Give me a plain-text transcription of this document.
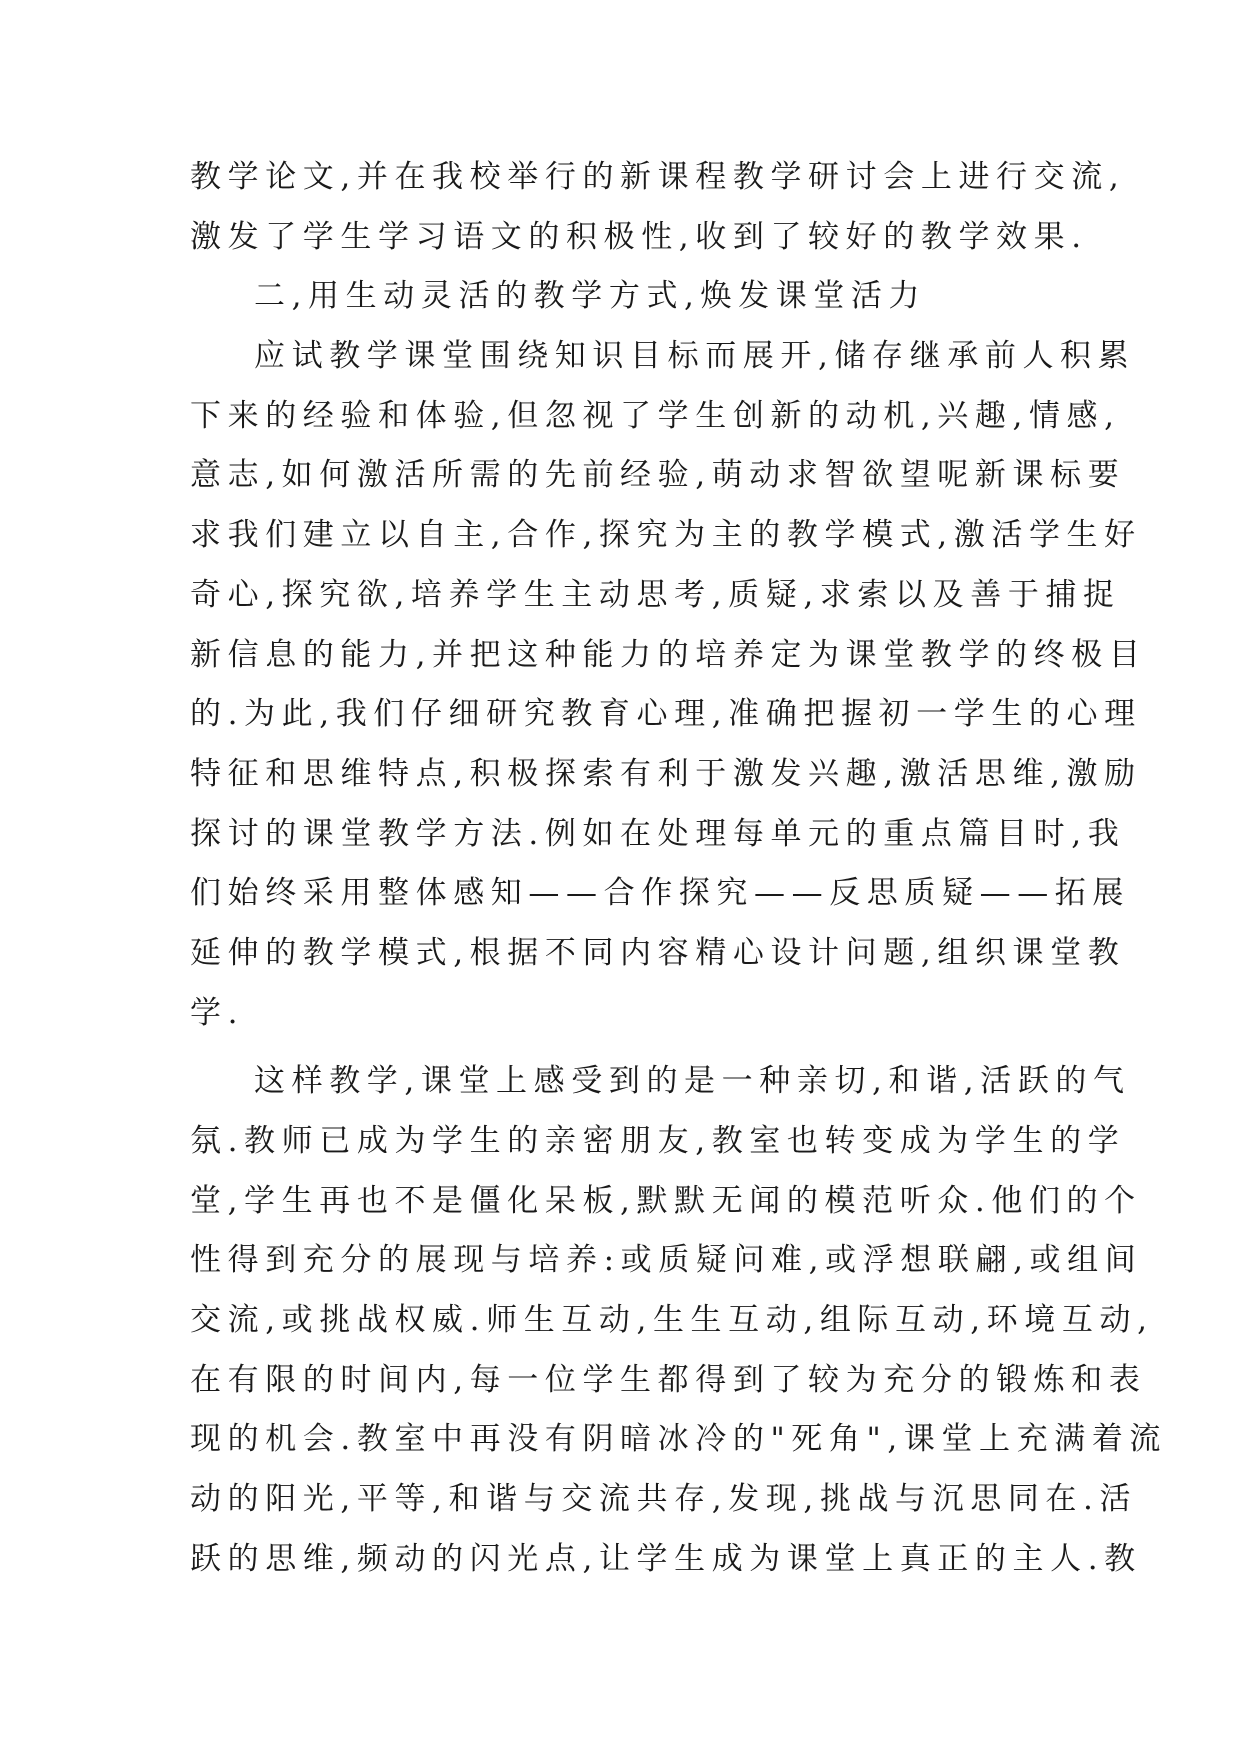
教学论文,并在我校举行的新课程教学研讨会上进行交流,
激发了学生学习语文的积极性,收到了较好的教学效果.
二,用生动灵活的教学方式,焕发课堂活力
应试教学课堂围绕知识目标而展开,储存继承前人积累
下来的经验和体验,但忽视了学生创新的动机,兴趣,情感,
意志,如何激活所需的先前经验,萌动求智欲望呢新课标要
求我们建立以自主,合作,探究为主的教学模式,激活学生好
奇心,探究欲,培养学生主动思考,质疑,求索以及善于捕捉
新信息的能力,并把这种能力的培养定为课堂教学的终极目
的.为此,我们仔细研究教育心理,准确把握初一学生的心理
特征和思维特点,积极探索有利于激发兴趣,激活思维,激励
探讨的课堂教学方法.例如在处理每单元的重点篇目时,我
们始终采用整体感知——合作探究——反思质疑——拓展
延伸的教学模式,根据不同内容精心设计问题,组织课堂教
学.
这样教学,课堂上感受到的是一种亲切,和谐,活跃的气
氛.教师已成为学生的亲密朋友,教室也转变成为学生的学
堂,学生再也不是僵化呆板,默默无闻的模范听众.他们的个
性得到充分的展现与培养:或质疑问难,或浮想联翩,或组间
交流,或挑战权威.师生互动,生生互动,组际互动,环境互动,
在有限的时间内,每一位学生都得到了较为充分的锻炼和表
现的机会.教室中再没有阴暗冰冷的"死角",课堂上充满着流
动的阳光,平等,和谐与交流共存,发现,挑战与沉思同在.活
跃的思维,频动的闪光点,让学生成为课堂上真正的主人.教
